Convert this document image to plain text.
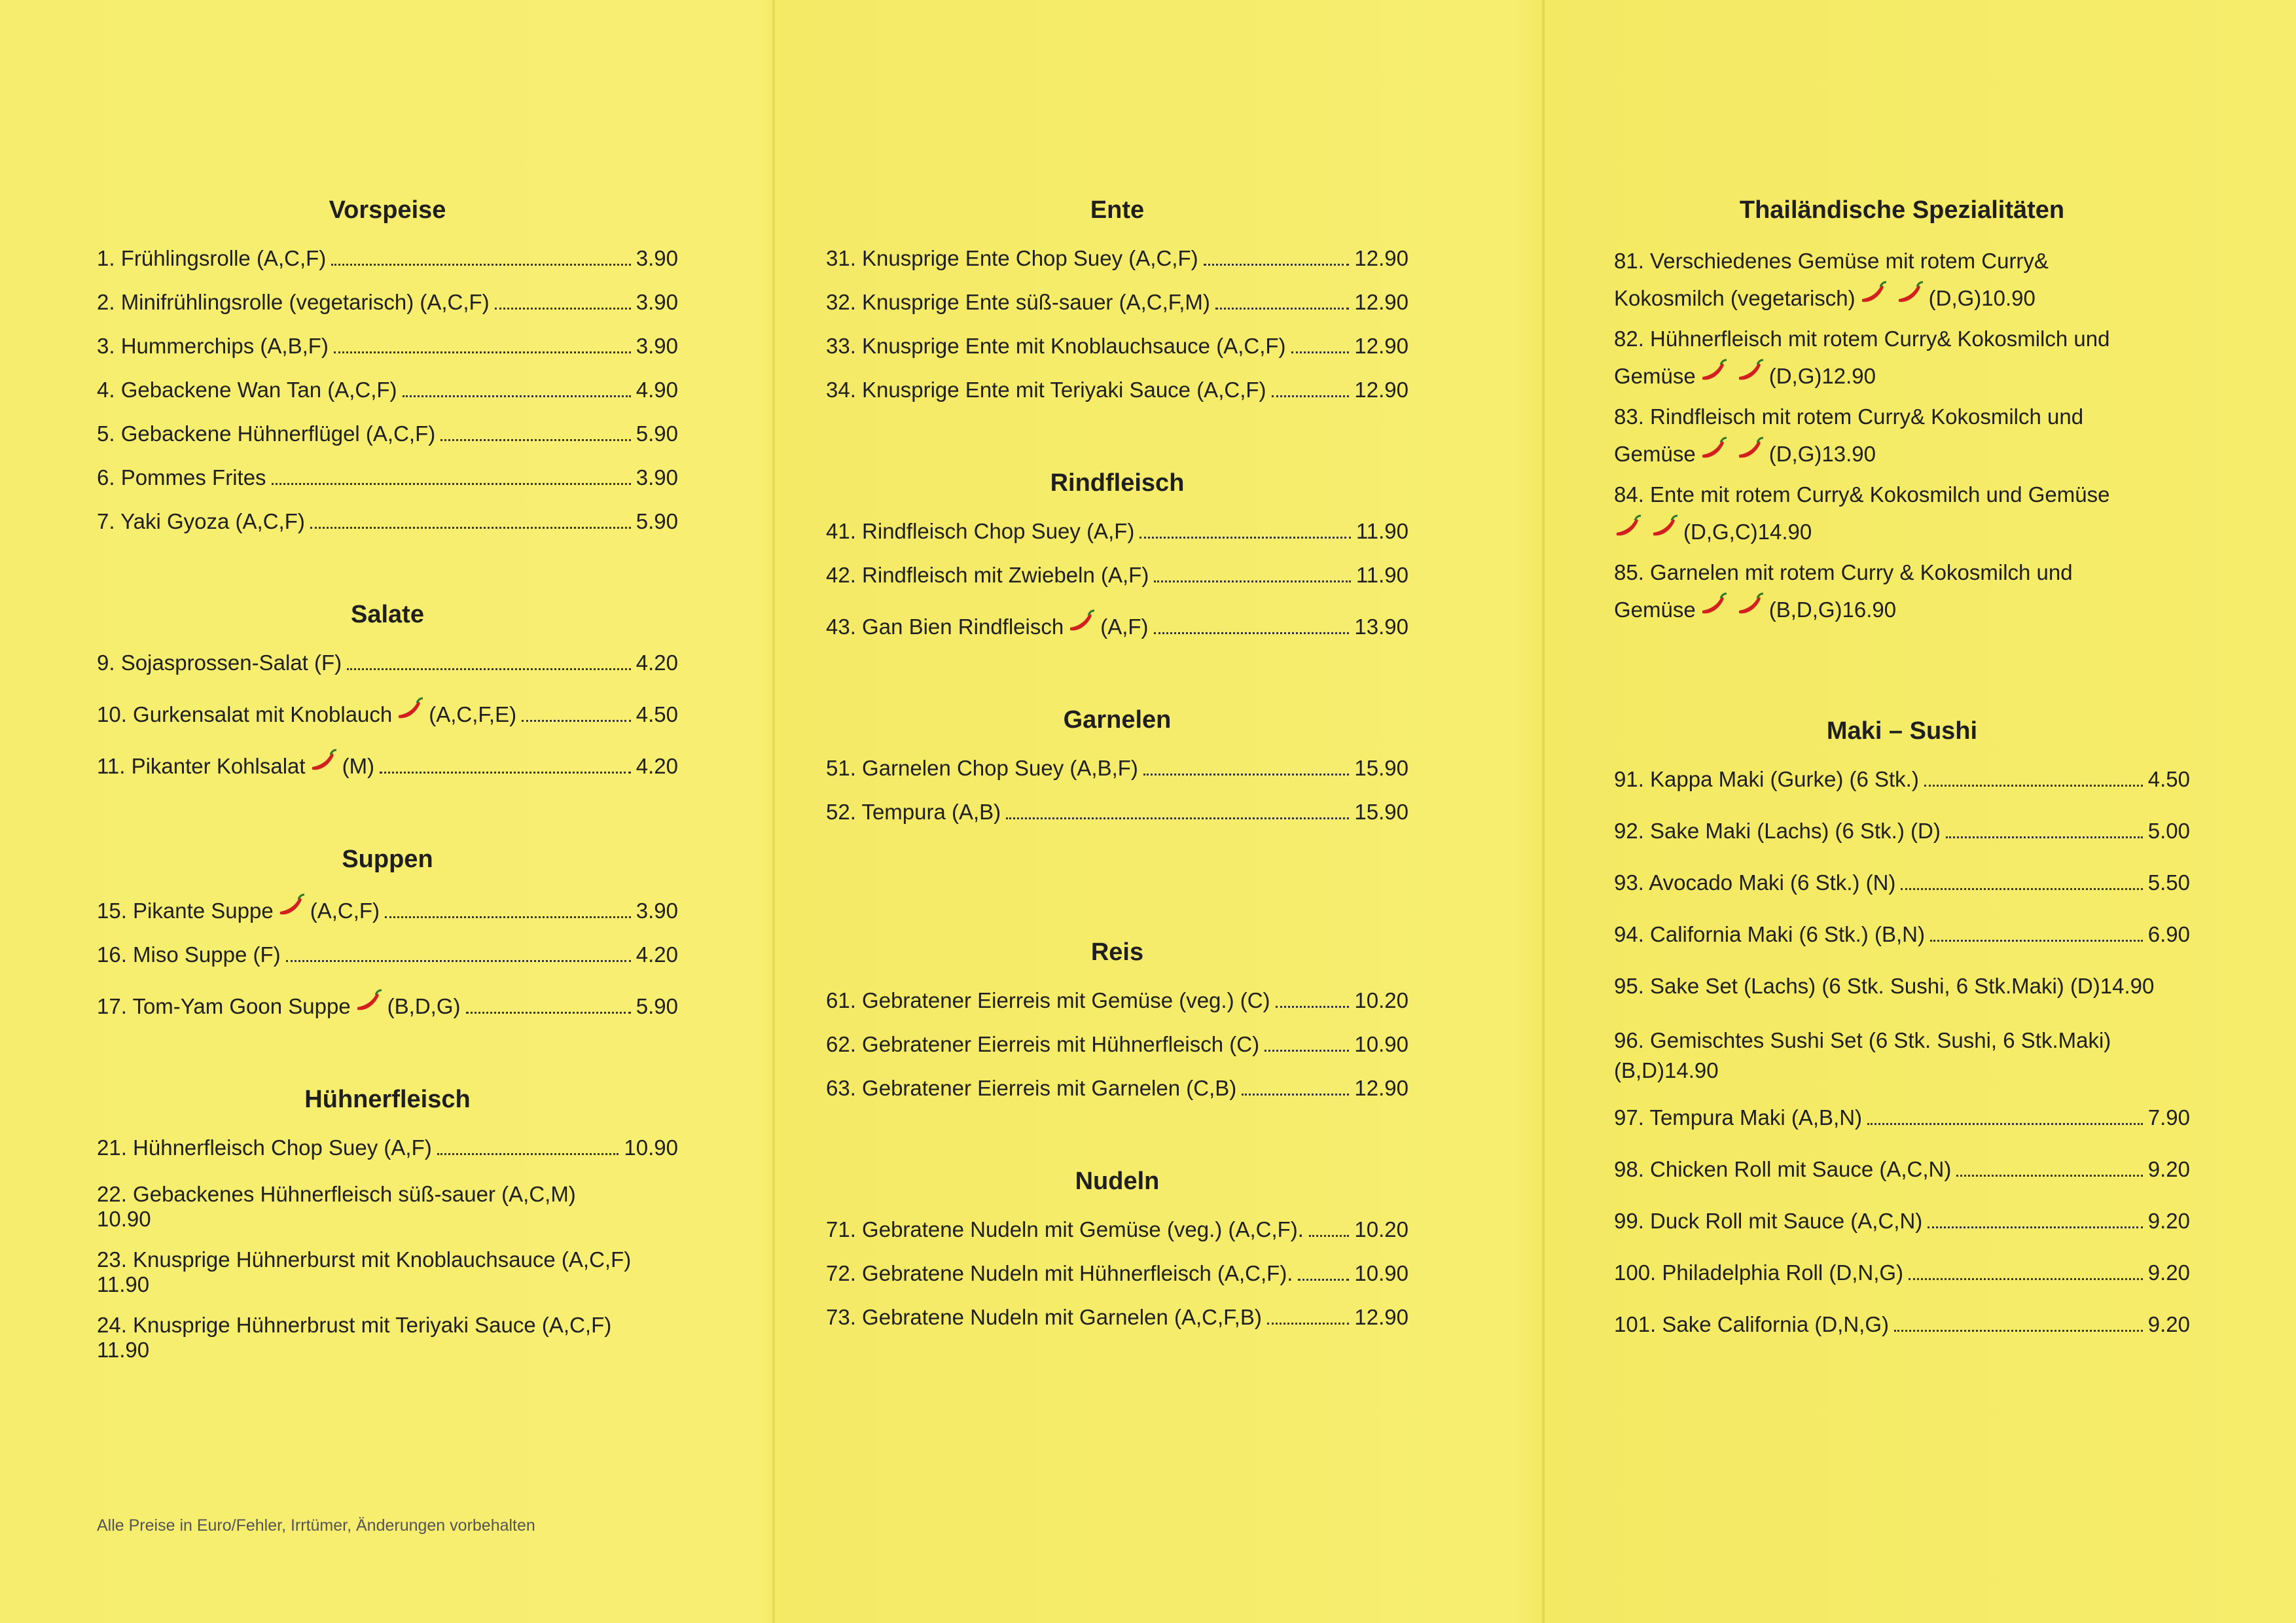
Vorspeise
1. Frühlingsrolle (A,C,F)	3.90
2. Minifrühlingsrolle (vegetarisch) (A,C,F)	3.90
3. Hummerchips (A,B,F)	3.90
4. Gebackene Wan Tan (A,C,F)	4.90
5. Gebackene Hühnerflügel (A,C,F)	5.90
6. Pommes Frites	3.90
7. Yaki Gyoza (A,C,F)	5.90
Salate
9. Sojasprossen-Salat (F)	4.20
10. Gurkensalat mit Knoblauch (A,C,F,E)	4.50
11. Pikanter Kohlsalat (M)	4.20
Suppen
15. Pikante Suppe (A,C,F)	3.90
16. Miso Suppe (F)	4.20
17. Tom-Yam Goon Suppe (B,D,G)	5.90
Hühnerfleisch
21. Hühnerfleisch Chop Suey (A,F)	10.90
22. Gebackenes Hühnerfleisch süß-sauer (A,C,M)
10.90
23. Knusprige Hühnerburst mit Knoblauchsauce (A,C,F)
11.90
24. Knusprige Hühnerbrust mit Teriyaki Sauce (A,C,F)
11.90
Alle Preise in Euro/Fehler, Irrtümer, Änderungen vorbehalten
Ente
31. Knusprige Ente Chop Suey (A,C,F)	12.90
32. Knusprige Ente süß-sauer (A,C,F,M)	12.90
33. Knusprige Ente mit Knoblauchsauce (A,C,F)	12.90
34. Knusprige Ente mit Teriyaki Sauce (A,C,F)	12.90
Rindfleisch
41. Rindfleisch Chop Suey (A,F)	11.90
42. Rindfleisch mit Zwiebeln (A,F)	11.90
43. Gan Bien Rindfleisch (A,F)	13.90
Garnelen
51. Garnelen Chop Suey (A,B,F)	15.90
52. Tempura (A,B)	15.90
Reis
61. Gebratener Eierreis mit Gemüse (veg.) (C)	10.20
62. Gebratener Eierreis mit Hühnerfleisch (C)	10.90
63. Gebratener Eierreis mit Garnelen (C,B)	12.90
Nudeln
71. Gebratene Nudeln mit Gemüse (veg.) (A,C,F). 10.20
72. Gebratene Nudeln mit Hühnerfleisch (A,C,F).	10.90
73. Gebratene Nudeln mit Garnelen (A,C,F,B)	12.90
Thailändische Spezialitäten
81. Verschiedenes Gemüse mit rotem Curry&
Kokosmilch (vegetarisch)	(D,G) 10.90
82. Hühnerfleisch mit rotem Curry& Kokosmilch und
Gemüse	(D,G) 12.90
83. Rindfleisch mit rotem Curry& Kokosmilch und
Gemüse	(D,G) 13.90
84. Ente mit rotem Curry& Kokosmilch und Gemüse
(D,G,C) 14.90
85. Garnelen mit rotem Curry & Kokosmilch und
Gemüse	(B,D,G) 16.90
Maki – Sushi
91. Kappa Maki (Gurke) (6 Stk.)	4.50
92. Sake Maki (Lachs) (6 Stk.) (D)	5.00
93. Avocado Maki (6 Stk.) (N)	5.50
94. California Maki (6 Stk.) (B,N)	6.90
95. Sake Set (Lachs) (6 Stk. Sushi, 6 Stk.Maki) (D) 14.90
96. Gemischtes Sushi Set (6 Stk. Sushi, 6 Stk.Maki)
(B,D) 14.90
97. Tempura Maki (A,B,N)	7.90
98. Chicken Roll mit Sauce (A,C,N)	9.20
99. Duck Roll mit Sauce (A,C,N)	9.20
100. Philadelphia Roll (D,N,G)	9.20
101. Sake California (D,N,G)	9.20
